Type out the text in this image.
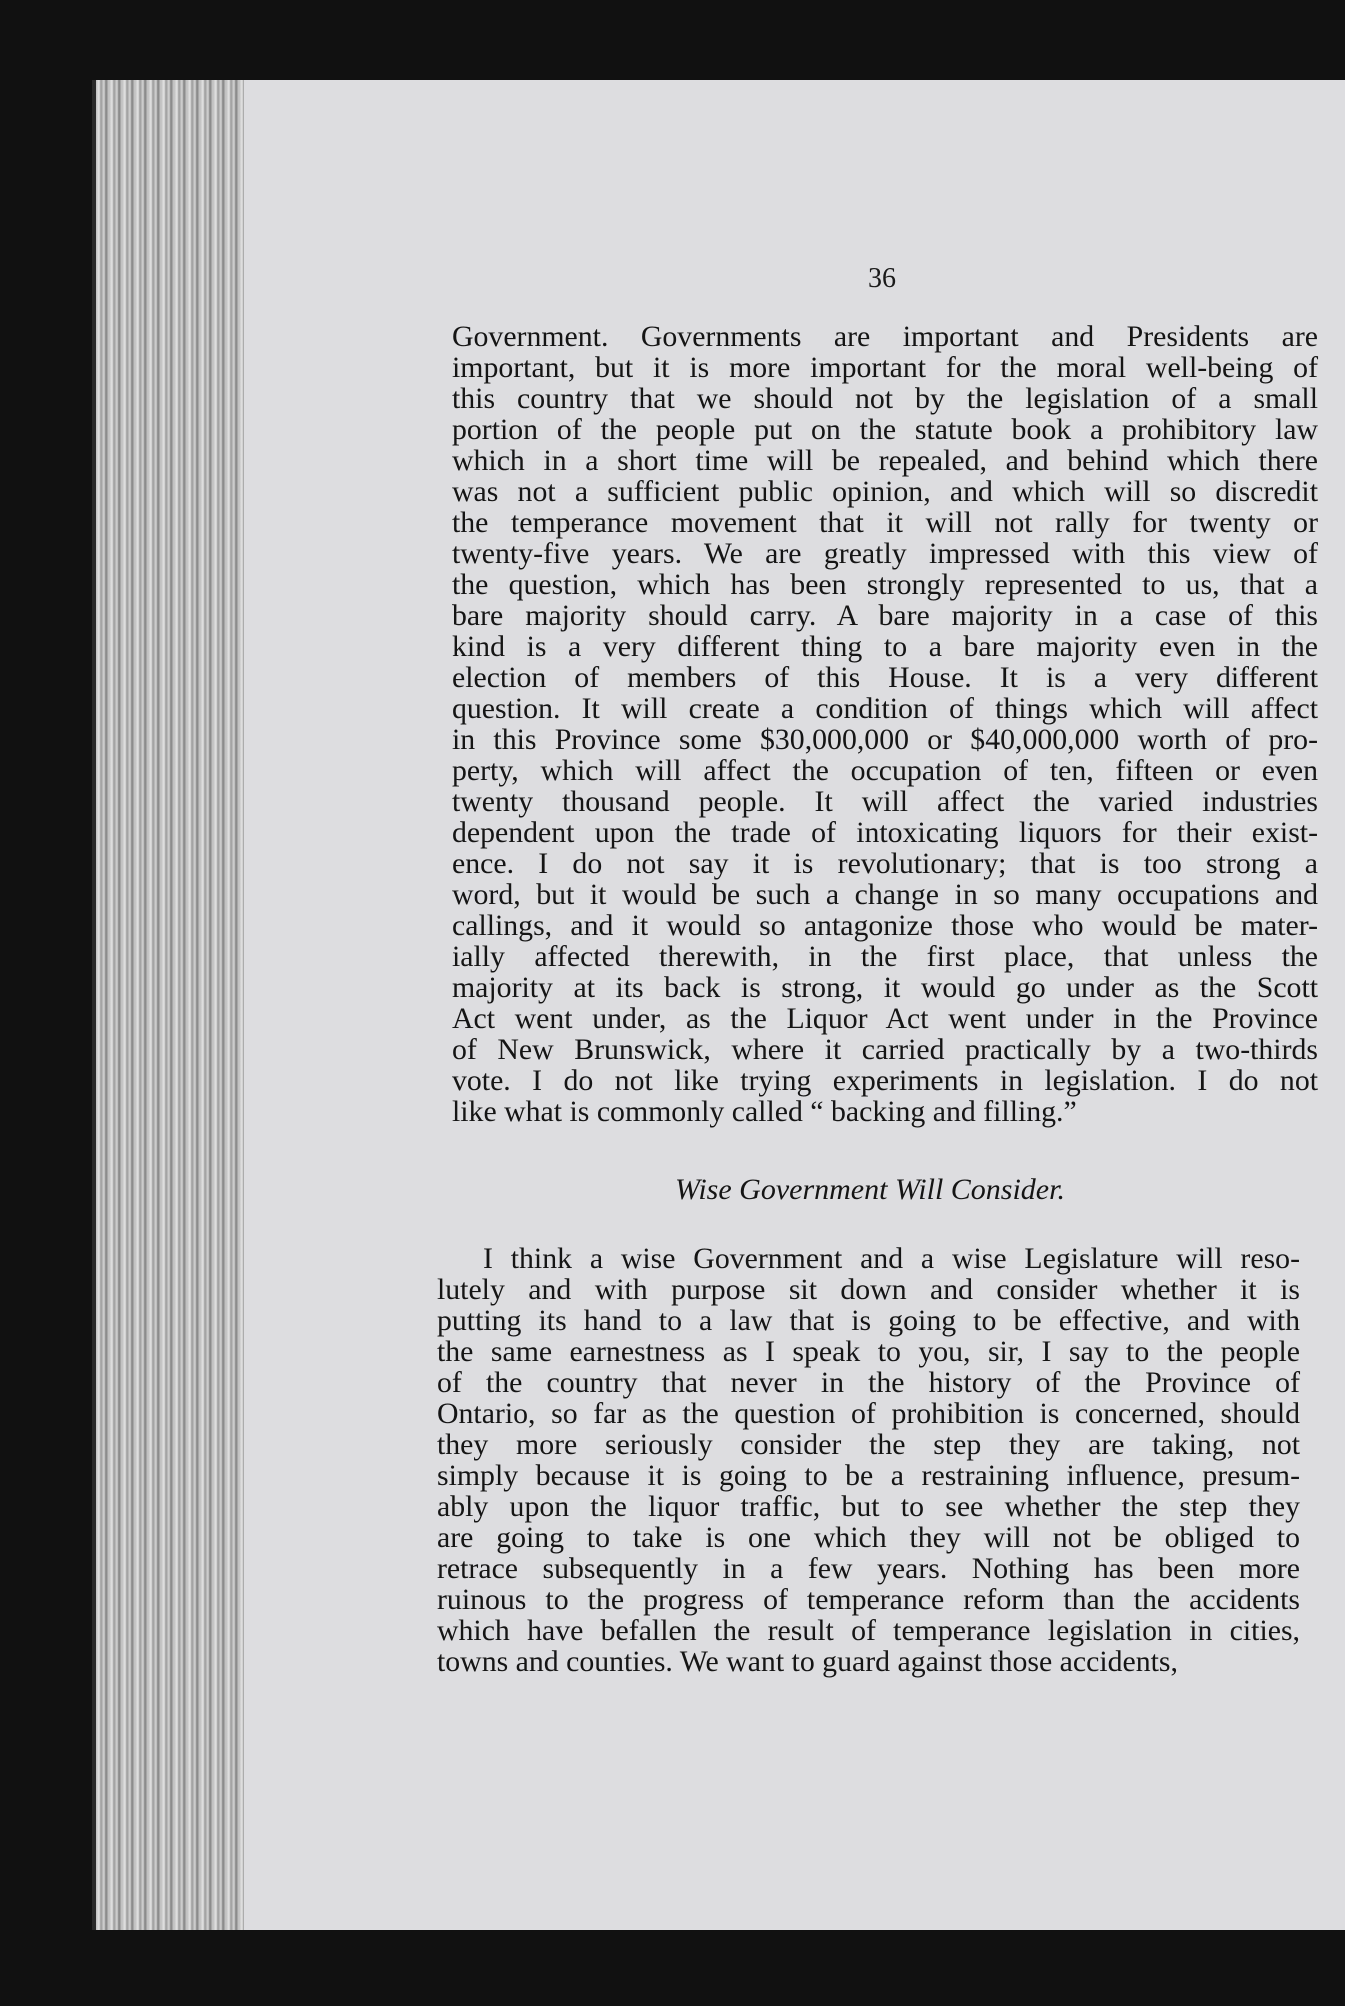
36
Government. Governments are important and Presidents are
important, but it is more important for the moral well-being of
this country that we should not by the legislation of a small
portion of the people put on the statute book a prohibitory law
which in a short time will be repealed, and behind which there
was not a sufficient public opinion, and which will so discredit
the temperance movement that it will not rally for twenty or
twenty-five years. We are greatly impressed with this view of
the question, which has been strongly represented to us, that a
bare majority should carry. A bare majority in a case of this
kind is a very different thing to a bare majority even in the
election of members of this House. It is a very different
question. It will create a condition of things which will affect
in this Province some $30,000,000 or $40,000,000 worth of pro-
perty, which will affect the occupation of ten, fifteen or even
twenty thousand people. It will affect the varied industries
dependent upon the trade of intoxicating liquors for their exist-
ence. I do not say it is revolutionary; that is too strong a
word, but it would be such a change in so many occupations and
callings, and it would so antagonize those who would be mater-
ially affected therewith, in the first place, that unless the
majority at its back is strong, it would go under as the Scott
Act went under, as the Liquor Act went under in the Province
of New Brunswick, where it carried practically by a two-thirds
vote. I do not like trying experiments in legislation. I do not
like what is commonly called “ backing and filling.”
Wise Government Will Consider.
I think a wise Government and a wise Legislature will reso-
lutely and with purpose sit down and consider whether it is
putting its hand to a law that is going to be effective, and with
the same earnestness as I speak to you, sir, I say to the people
of the country that never in the history of the Province of
Ontario, so far as the question of prohibition is concerned, should
they more seriously consider the step they are taking, not
simply because it is going to be a restraining influence, presum-
ably upon the liquor traffic, but to see whether the step they
are going to take is one which they will not be obliged to
retrace subsequently in a few years. Nothing has been more
ruinous to the progress of temperance reform than the accidents
which have befallen the result of temperance legislation in cities,
towns and counties. We want to guard against those accidents,
